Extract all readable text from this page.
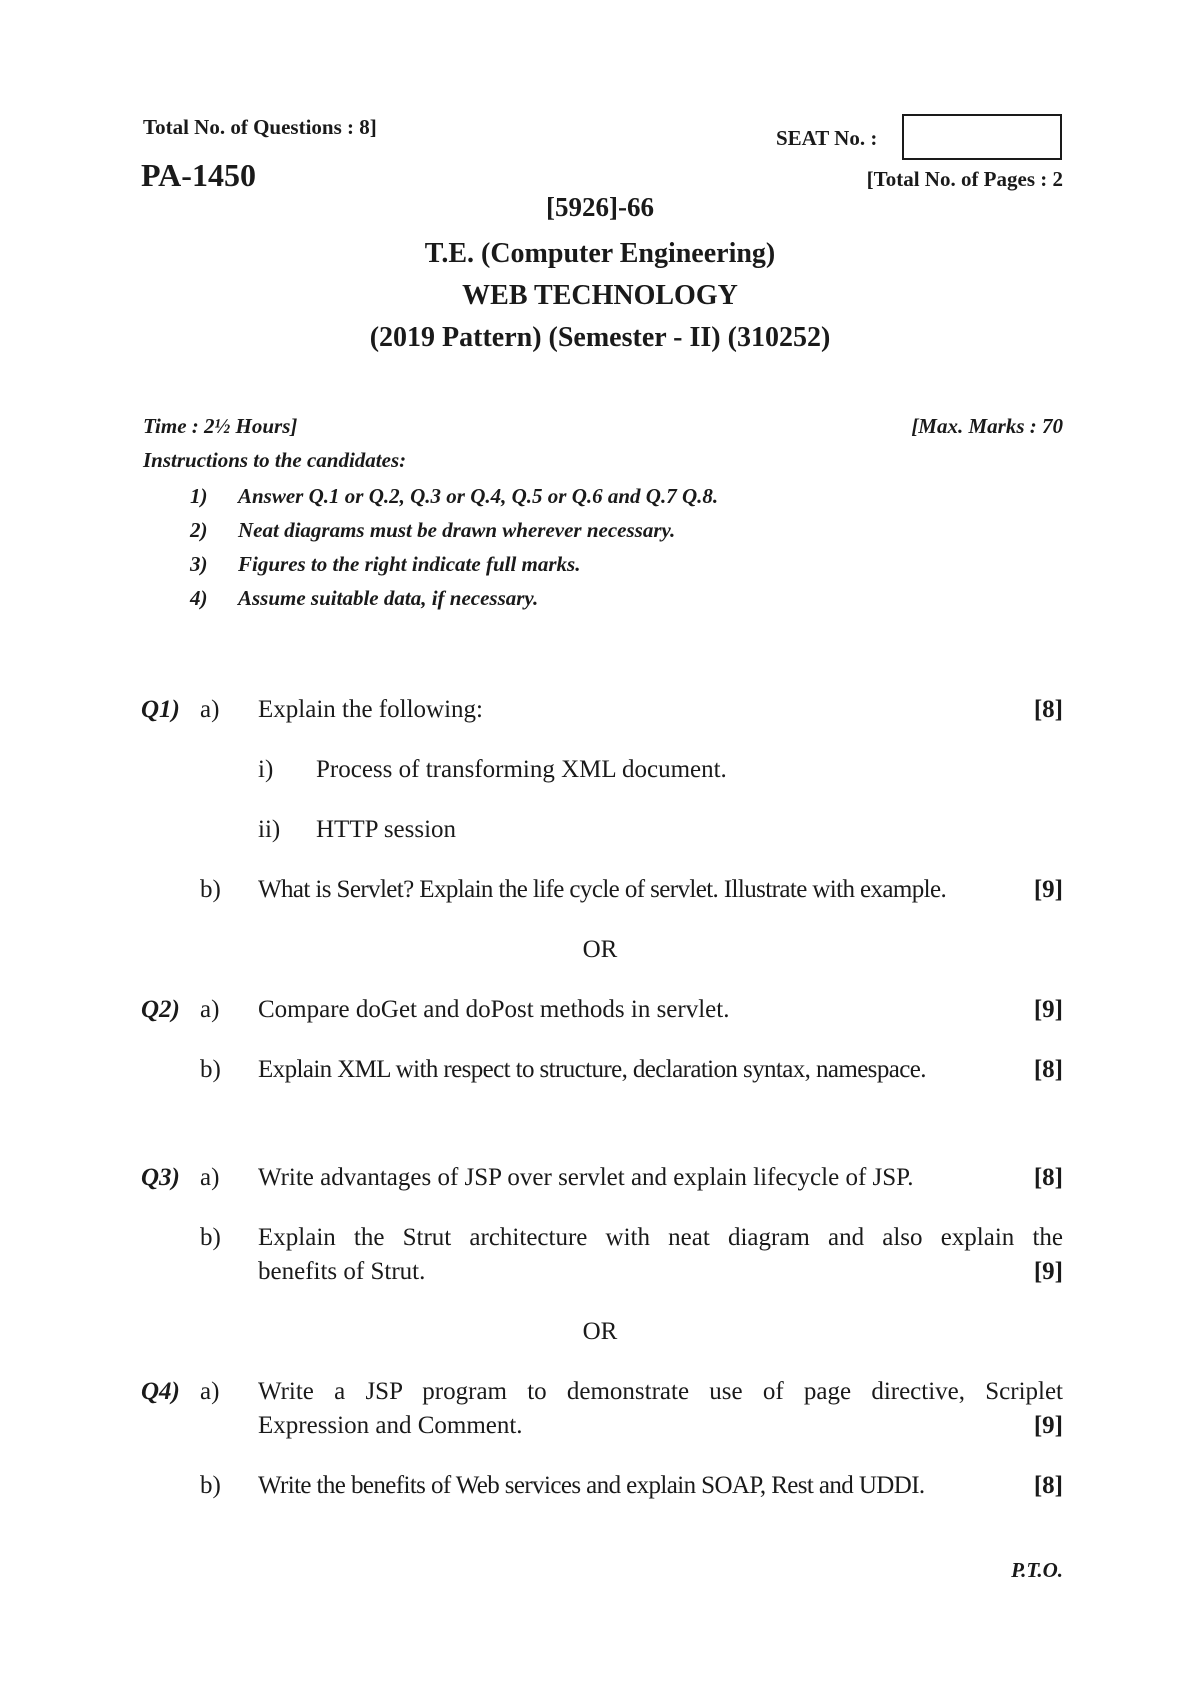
Total No. of Questions : 8]	SEAT No. :
PA-1450	[Total No. of Pages : 2
[5926]-66
T.E. (Computer Engineering)
WEB TECHNOLOGY
(2019 Pattern) (Semester - II) (310252)
Time : 2½ Hours]	[Max. Marks : 70
Instructions to the candidates:
1) Answer Q.1 or Q.2, Q.3 or Q.4, Q.5 or Q.6 and Q.7 Q.8.
2) Neat diagrams must be drawn wherever necessary.
3) Figures to the right indicate full marks.
4) Assume suitable data, if necessary.
Q1) a) Explain the following:	[8]
i) Process of transforming XML document.
ii) HTTP session
b) What is Servlet? Explain the life cycle of servlet. Illustrate with example.	[9]
OR
Q2) a) Compare doGet and doPost methods in servlet.	[9]
b) Explain XML with respect to structure, declaration syntax, namespace.	[8]
Q3) a) Write advantages of JSP over servlet and explain lifecycle of JSP.	[8]
b) Explain the Strut architecture with neat diagram and also explain the
benefits of Strut.	[9]
OR
Q4) a) Write a JSP program to demonstrate use of page directive, Scriplet
Expression and Comment.	[9]
b) Write the benefits of Web services and explain SOAP, Rest and UDDI.	[8]
P.T.O.
